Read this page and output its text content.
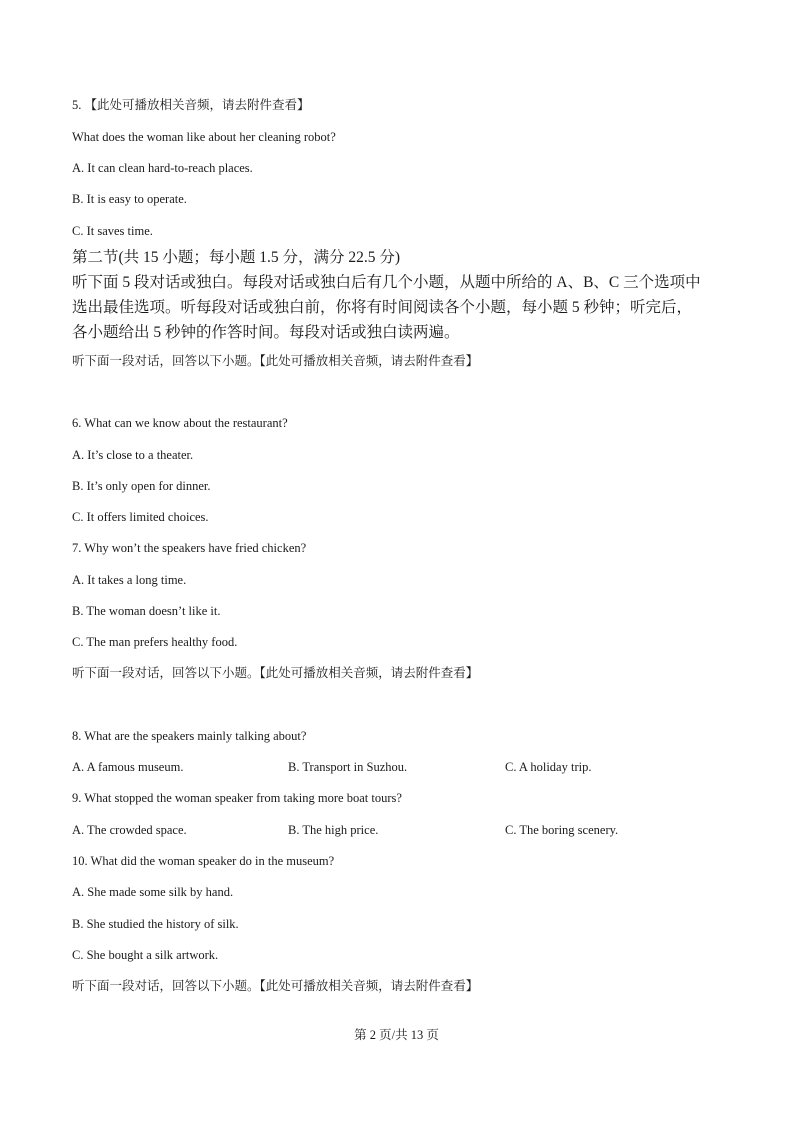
5. 【此处可播放相关音频，请去附件查看】
What does the woman like about her cleaning robot?
A. It can clean hard-to-reach places.
B. It is easy to operate.
C. It saves time.
第二节(共 15 小题；每小题 1.5 分，满分 22.5 分)
听下面 5 段对话或独白。每段对话或独白后有几个小题，从题中所给的 A、B、C 三个选项中
选出最佳选项。听每段对话或独白前，你将有时间阅读各个小题，每小题 5 秒钟；听完后，
各小题给出 5 秒钟的作答时间。每段对话或独白读两遍。
听下面一段对话，回答以下小题。【此处可播放相关音频，请去附件查看】
6. What can we know about the restaurant?
A. It’s close to a theater.
B. It’s only open for dinner.
C. It offers limited choices.
7. Why won’t the speakers have fried chicken?
A. It takes a long time.
B. The woman doesn’t like it.
C. The man prefers healthy food.
听下面一段对话，回答以下小题。【此处可播放相关音频，请去附件查看】
8. What are the speakers mainly talking about?
A. A famous museum.	B. Transport in Suzhou.	C. A holiday trip.
9. What stopped the woman speaker from taking more boat tours?
A. The crowded space.	B. The high price.	C. The boring scenery.
10. What did the woman speaker do in the museum?
A. She made some silk by hand.
B. She studied the history of silk.
C. She bought a silk artwork.
听下面一段对话，回答以下小题。【此处可播放相关音频，请去附件查看】
第 2 页/共 13 页
